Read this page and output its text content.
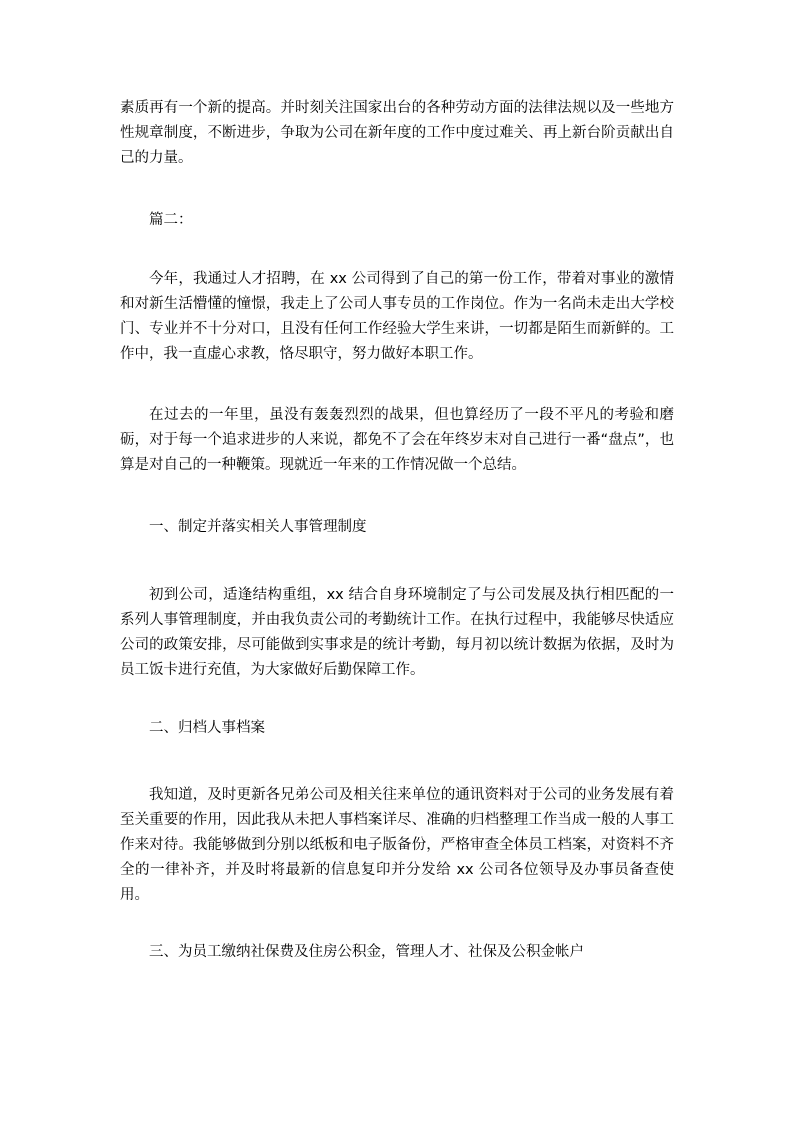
素质再有一个新的提高。并时刻关注国家出台的各种劳动方面的法律法规以及一些地方性规章制度，不断进步，争取为公司在新年度的工作中度过难关、再上新台阶贡献出自己的力量。

篇二：

今年，我通过人才招聘，在 xx 公司得到了自己的第一份工作，带着对事业的激情和对新生活懵懂的憧憬，我走上了公司人事专员的工作岗位。作为一名尚未走出大学校门、专业并不十分对口，且没有任何工作经验大学生来讲，一切都是陌生而新鲜的。工作中，我一直虚心求教，恪尽职守，努力做好本职工作。

在过去的一年里，虽没有轰轰烈烈的战果，但也算经历了一段不平凡的考验和磨砺，对于每一个追求进步的人来说，都免不了会在年终岁末对自己进行一番“盘点”，也算是对自己的一种鞭策。现就近一年来的工作情况做一个总结。

一、制定并落实相关人事管理制度

初到公司，适逢结构重组，xx 结合自身环境制定了与公司发展及执行相匹配的一系列人事管理制度，并由我负责公司的考勤统计工作。在执行过程中，我能够尽快适应公司的政策安排，尽可能做到实事求是的统计考勤，每月初以统计数据为依据，及时为员工饭卡进行充值，为大家做好后勤保障工作。

二、归档人事档案

我知道，及时更新各兄弟公司及相关往来单位的通讯资料对于公司的业务发展有着至关重要的作用，因此我从未把人事档案详尽、准确的归档整理工作当成一般的人事工作来对待。我能够做到分别以纸板和电子版备份，严格审查全体员工档案，对资料不齐全的一律补齐，并及时将最新的信息复印并分发给 xx 公司各位领导及办事员备查使用。

三、为员工缴纳社保费及住房公积金，管理人才、社保及公积金帐户
